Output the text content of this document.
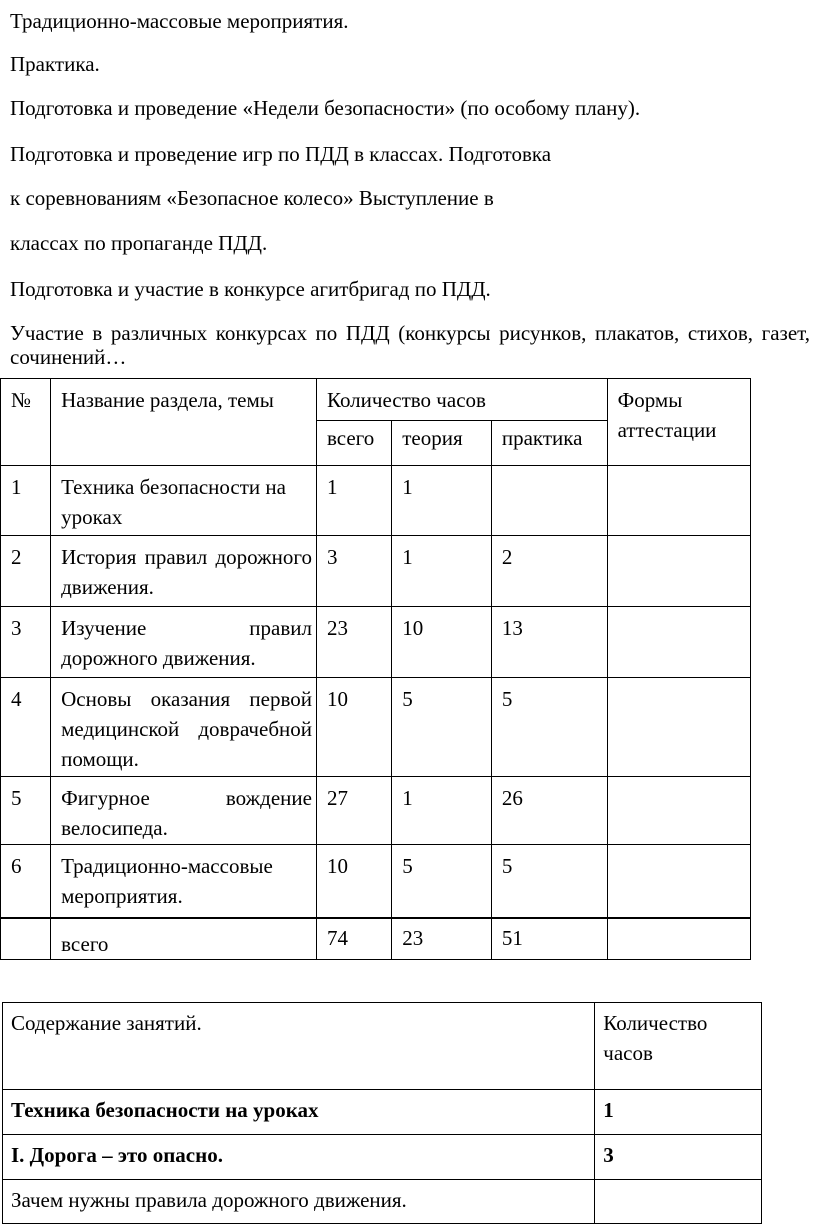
Традиционно-массовые мероприятия.
Практика.
Подготовка и проведение «Недели безопасности» (по особому плану).
Подготовка и проведение игр по ПДД в классах. Подготовка
к соревнованиям «Безопасное колесо» Выступление в
классах по пропаганде ПДД.
Подготовка и участие в конкурсе агитбригад по ПДД.
Участие в различных конкурсах по ПДД (конкурсы рисунков, плакатов, стихов, газет, сочинений…
№	Название раздела, темы	Количество часов			Формы аттестации
		всего	теория	практика	
1	Техника безопасности на уроках	1	1		
2	История правил дорожного движения.	3	1	2	
3	Изучение правил дорожного движения.	23	10	13	
4	Основы оказания первой медицинской доврачебной помощи.	10	5	5	
5	Фигурное вождение велосипеда.	27	1	26	
6	Традиционно-массовые мероприятия.	10	5	5	
	всего	74	23	51	
Содержание занятий.	Количество часов
Техника безопасности на уроках	1
I. Дорога – это опасно.	3
Зачем нужны правила дорожного движения.	
